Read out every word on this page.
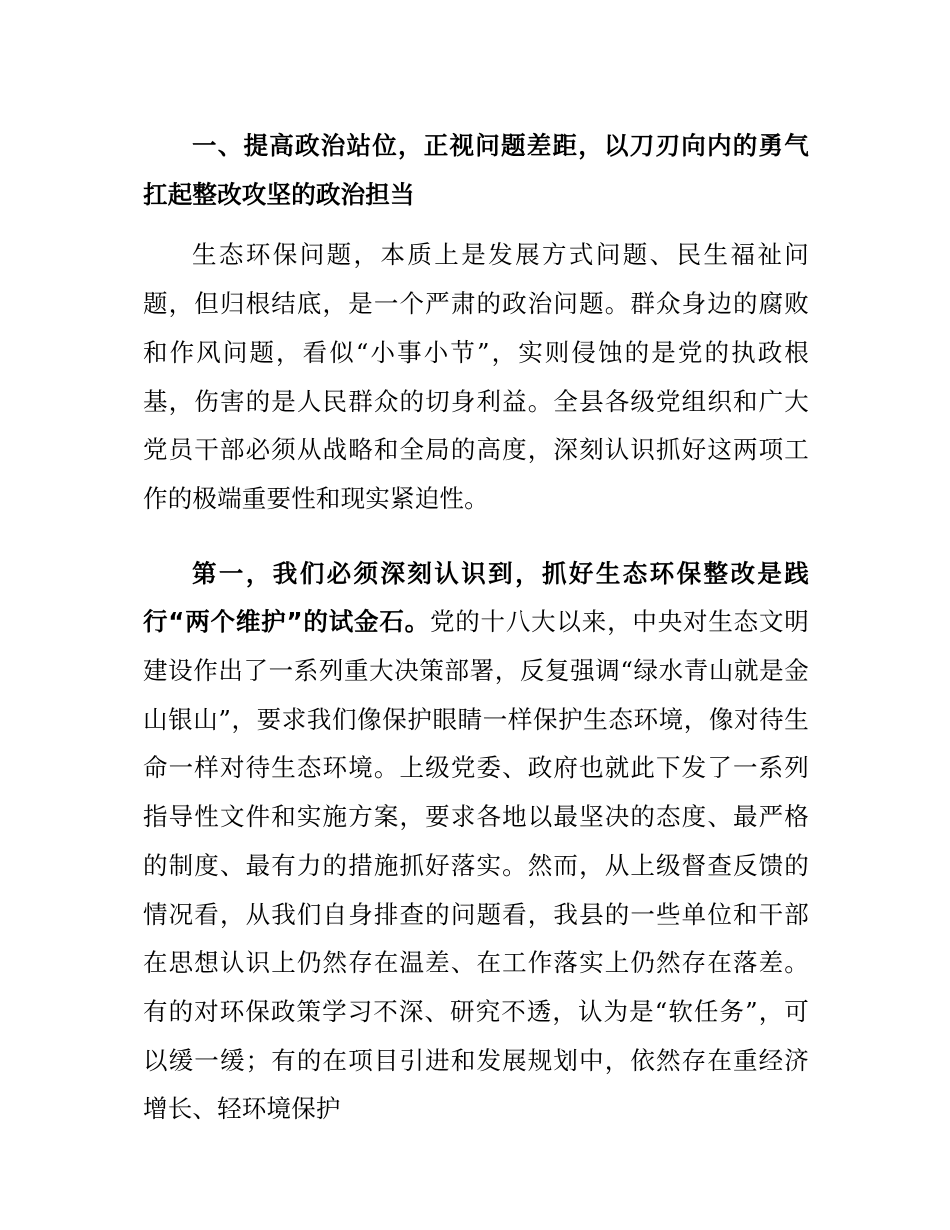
一、提高政治站位，正视问题差距，以刀刃向内的勇气扛起整改攻坚的政治担当

生态环保问题，本质上是发展方式问题、民生福祉问题，但归根结底，是一个严肃的政治问题。群众身边的腐败和作风问题，看似“小事小节”，实则侵蚀的是党的执政根基，伤害的是人民群众的切身利益。全县各级党组织和广大党员干部必须从战略和全局的高度，深刻认识抓好这两项工作的极端重要性和现实紧迫性。

第一，我们必须深刻认识到，抓好生态环保整改是践行“两个维护”的试金石。党的十八大以来，中央对生态文明建设作出了一系列重大决策部署，反复强调“绿水青山就是金山银山”，要求我们像保护眼睛一样保护生态环境，像对待生命一样对待生态环境。上级党委、政府也就此下发了一系列指导性文件和实施方案，要求各地以最坚决的态度、最严格的制度、最有力的措施抓好落实。然而，从上级督查反馈的情况看，从我们自身排查的问题看，我县的一些单位和干部在思想认识上仍然存在温差、在工作落实上仍然存在落差。有的对环保政策学习不深、研究不透，认为是“软任务”，可以缓一缓；有的在项目引进和发展规划中，依然存在重经济增长、轻环境保护
